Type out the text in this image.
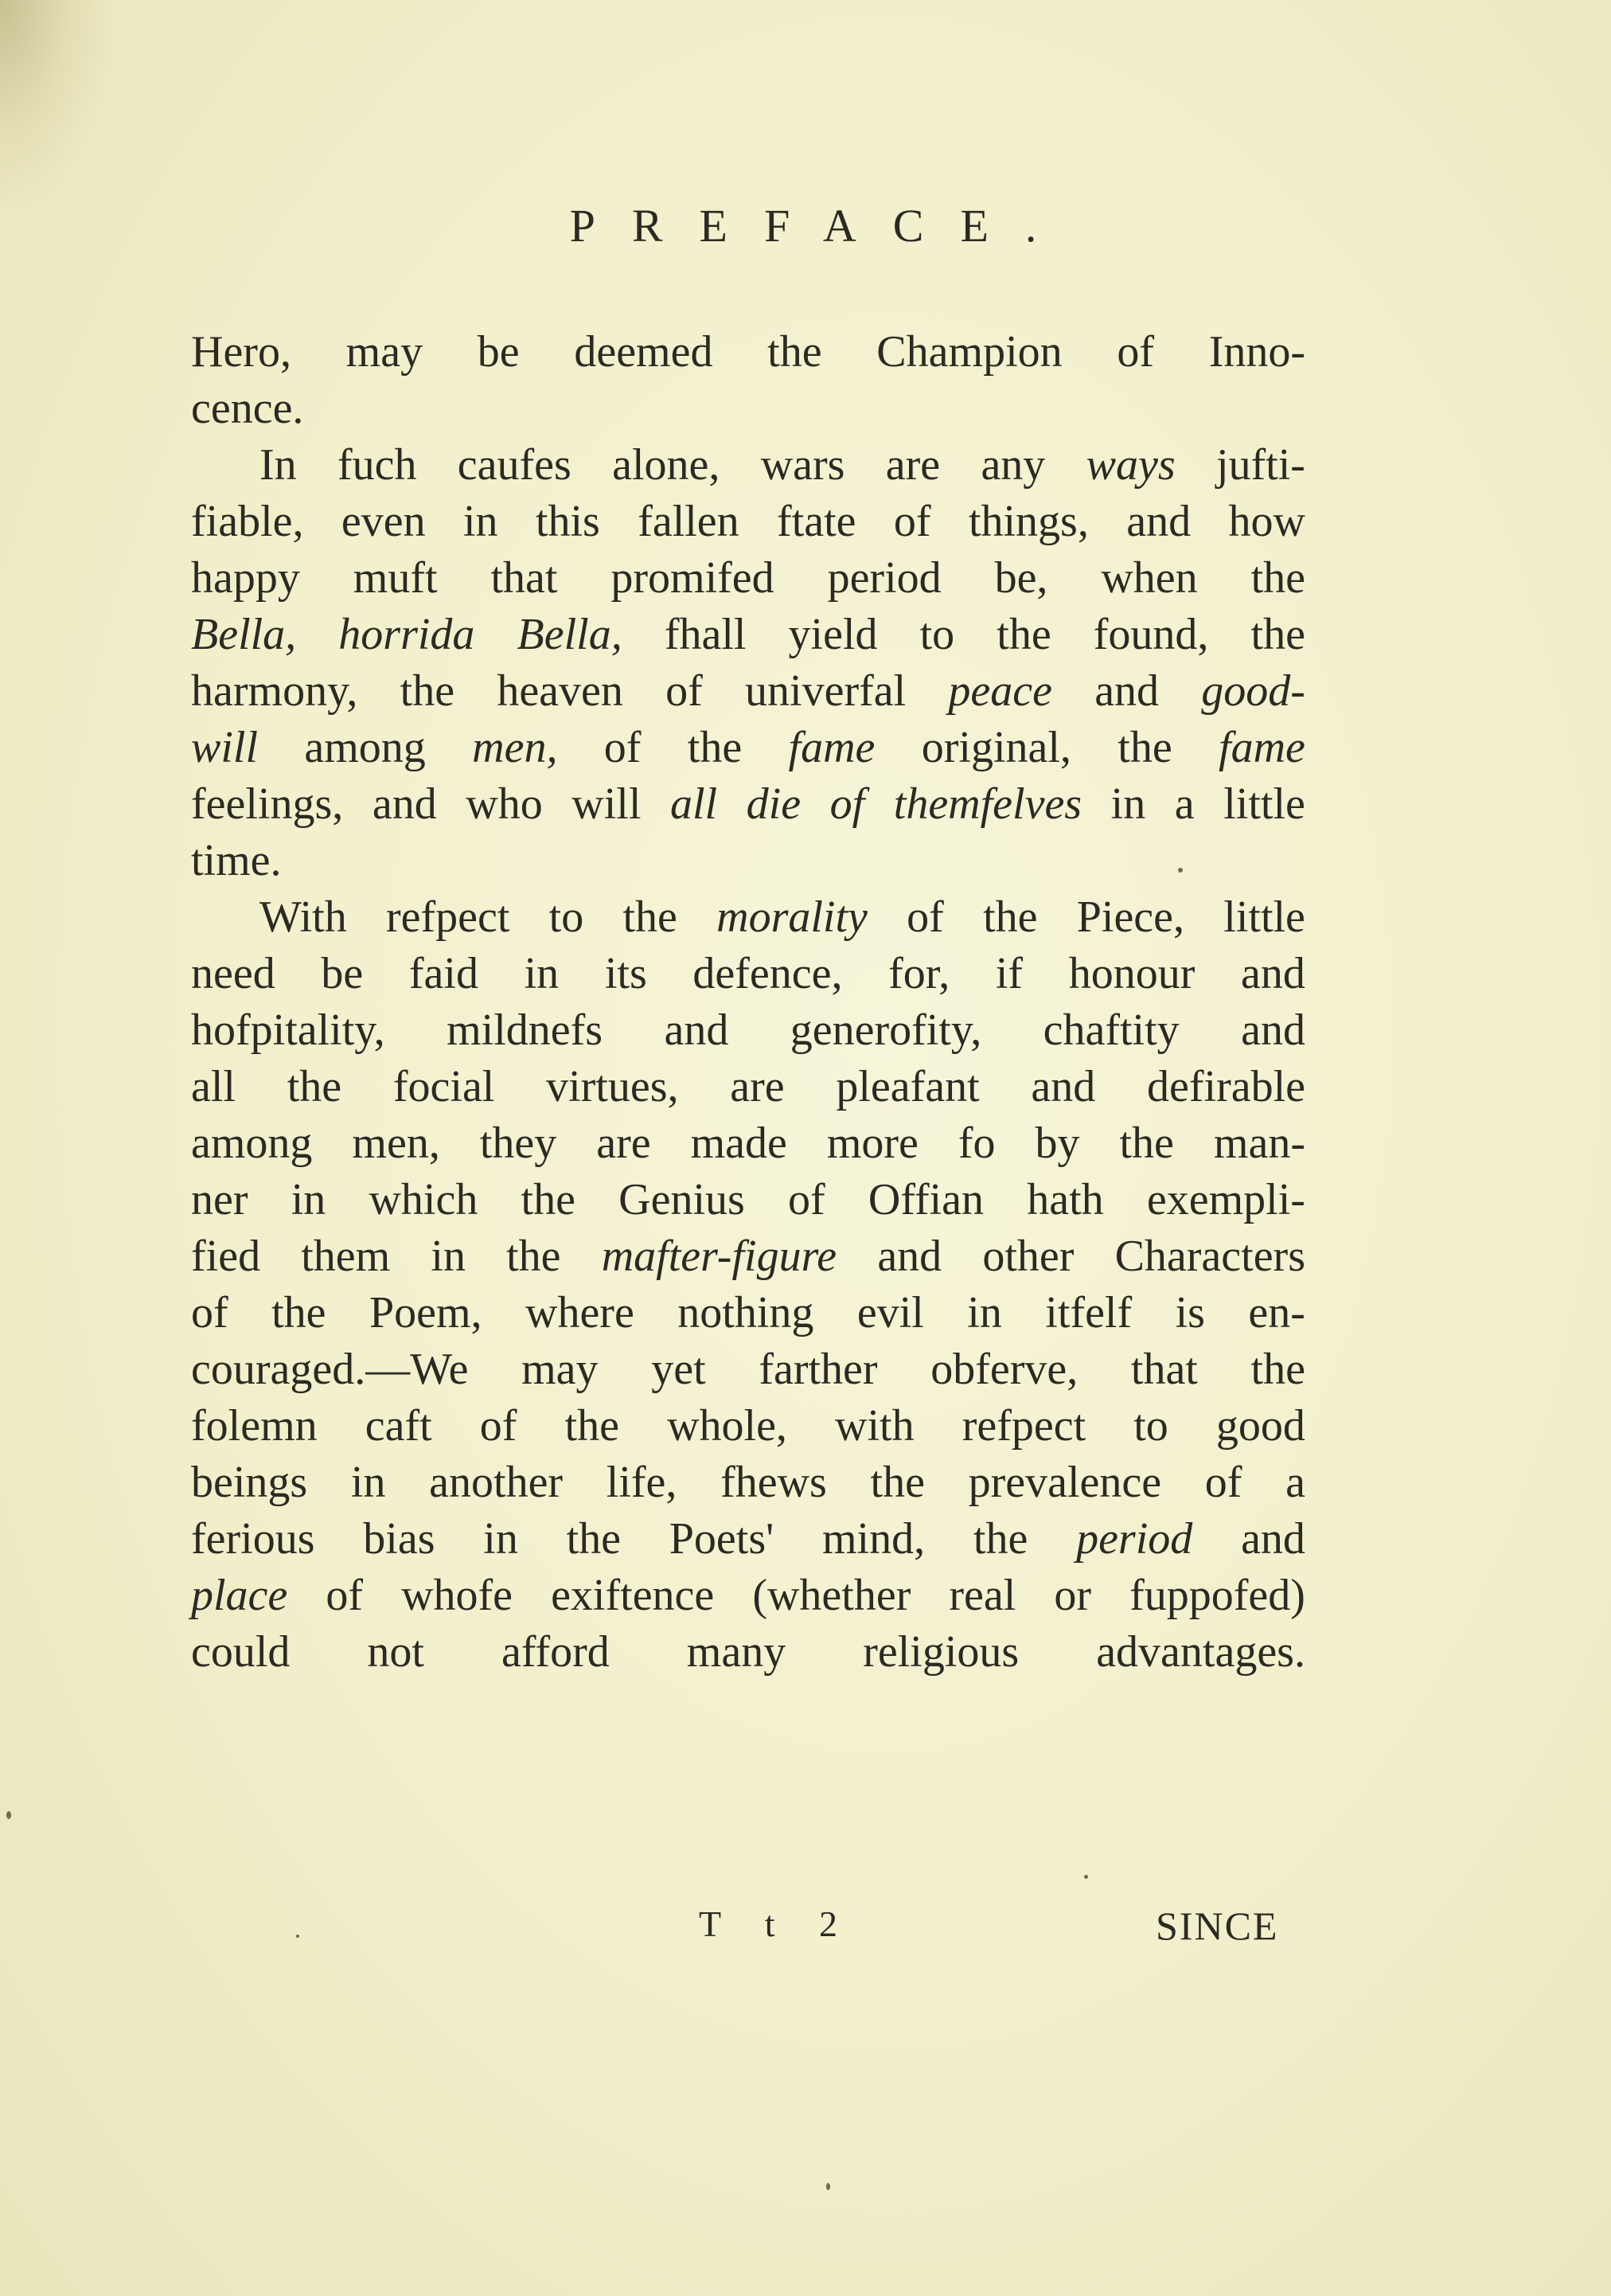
PREFACE.
Hero, may be deemed the Champion of Inno-
cence.
In fuch caufes alone, wars are any ways jufti-
fiable, even in this fallen ftate of things, and how
happy muft that promifed period be, when the
Bella, horrida Bella, fhall yield to the found, the
harmony, the heaven of univerfal peace and good-
will among men, of the fame original, the fame
feelings, and who will all die of themfelves in a little
time.
With refpect to the morality of the Piece, little
need be faid in its defence, for, if honour and
hofpitality, mildnefs and generofity, chaftity and
all the focial virtues, are pleafant and defirable
among men, they are made more fo by the man-
ner in which the Genius of Offian hath exempli-
fied them in the mafter-figure and other Characters
of the Poem, where nothing evil in itfelf is en-
couraged.—We may yet farther obferve, that the
folemn caft of the whole, with refpect to good
beings in another life, fhews the prevalence of a
ferious bias in the Poets' mind, the period and
place of whofe exiftence (whether real or fuppofed)
could not afford many religious advantages.
T t 2	SINCE
